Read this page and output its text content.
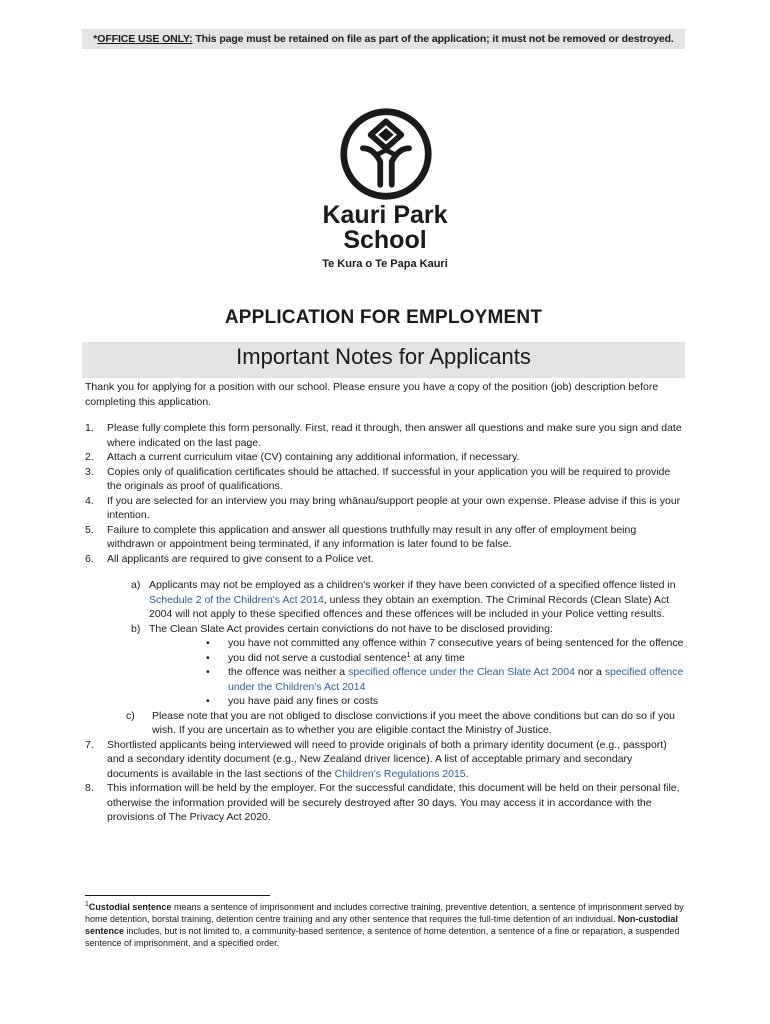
*OFFICE USE ONLY: This page must be retained on file as part of the application; it must not be removed or destroyed.
Kauri Park
School
Te Kura o Te Papa Kauri
APPLICATION FOR EMPLOYMENT
Important Notes for Applicants

Thank you for applying for a position with our school. Please ensure you have a copy of the position (job) description before completing this application.

1. Please fully complete this form personally. First, read it through, then answer all questions and make sure you sign and date where indicated on the last page.
2. Attach a current curriculum vitae (CV) containing any additional information, if necessary.
3. Copies only of qualification certificates should be attached. If successful in your application you will be required to provide the originals as proof of qualifications.
4. If you are selected for an interview you may bring whānau/support people at your own expense. Please advise if this is your intention.
5. Failure to complete this application and answer all questions truthfully may result in any offer of employment being withdrawn or appointment being terminated, if any information is later found to be false.
6. All applicants are required to give consent to a Police vet.
a) Applicants may not be employed as a children's worker if they have been convicted of a specified offence listed in Schedule 2 of the Children's Act 2014, unless they obtain an exemption. The Criminal Records (Clean Slate) Act 2004 will not apply to these specified offences and these offences will be included in your Police vetting results.
b) The Clean Slate Act provides certain convictions do not have to be disclosed providing:
• you have not committed any offence within 7 consecutive years of being sentenced for the offence
• you did not serve a custodial sentence$^1$ at any time
• the offence was neither a specified offence under the Clean Slate Act 2004 nor a specified offence under the Children's Act 2014
• you have paid any fines or costs
c) Please note that you are not obliged to disclose convictions if you meet the above conditions but can do so if you wish. If you are uncertain as to whether you are eligible contact the Ministry of Justice.
7. Shortlisted applicants being interviewed will need to provide originals of both a primary identity document (e.g., passport) and a secondary identity document (e.g., New Zealand driver licence). A list of acceptable primary and secondary documents is available in the last sections of the Children's Regulations 2015.
8. This information will be held by the employer. For the successful candidate, this document will be held on their personal file, otherwise the information provided will be securely destroyed after 30 days. You may access it in accordance with the provisions of The Privacy Act 2020.
$^1$Custodial sentence means a sentence of imprisonment and includes corrective training, preventive detention, a sentence of imprisonment served by home detention, borstal training, detention centre training and any other sentence that requires the full-time detention of an individual. Non-custodial sentence includes, but is not limited to, a community-based sentence, a sentence of home detention, a sentence of a fine or reparation, a suspended sentence of imprisonment, and a specified order.
